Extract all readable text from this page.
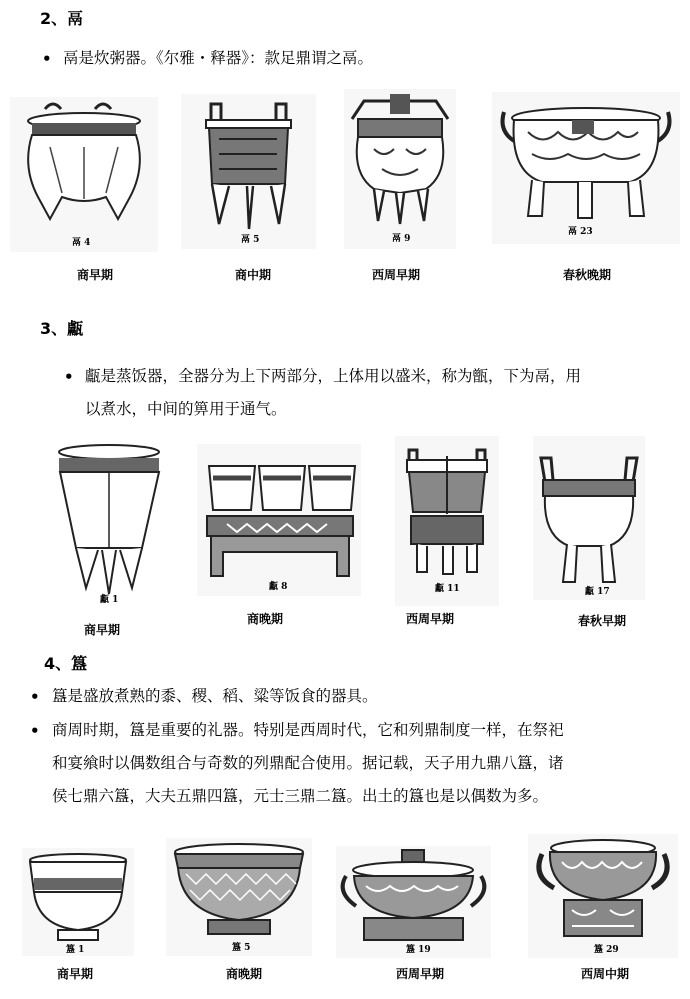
2、鬲
• 鬲是炊粥器。《尔雅・释器》：款足鼎谓之鬲。
鬲 4
商早期
鬲 5
商中期
鬲 9
西周早期
鬲 23
春秋晚期
3、甗
• 甗是蒸饭器，全器分为上下两部分，上体用以盛米，称为甑，下为鬲，用
以煮水，中间的箅用于通气。
甗 1
商早期
甗 8
商晚期
甗 11
西周早期
甗 17
春秋早期
4、簋
• 簋是盛放煮熟的黍、稷、稻、粱等饭食的器具。
• 商周时期，簋是重要的礼器。特别是西周时代，它和列鼎制度一样，在祭祀
和宴飨时以偶数组合与奇数的列鼎配合使用。据记载，天子用九鼎八簋，诸
侯七鼎六簋，大夫五鼎四簋，元士三鼎二簋。出土的簋也是以偶数为多。
簋 1
商早期
簋 5
商晚期
簋 19
西周早期
簋 29
西周中期
